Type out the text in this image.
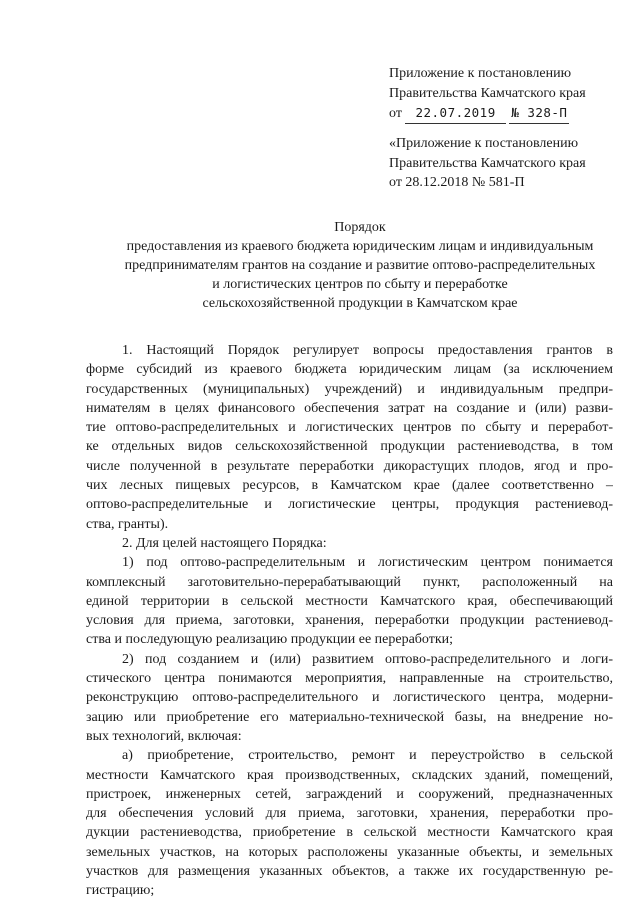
Приложение к постановлению
Правительства Камчатского края
от 22.07.2019 № 328-П
«Приложение к постановлению
Правительства Камчатского края
от 28.12.2018 № 581-П
Порядок
предоставления из краевого бюджета юридическим лицам и индивидуальным
предпринимателям грантов на создание и развитие оптово-распределительных
и логистических центров по сбыту и переработке
сельскохозяйственной продукции в Камчатском крае
1. Настоящий Порядок регулирует вопросы предоставления грантов в
форме субсидий из краевого бюджета юридическим лицам (за исключением
государственных (муниципальных) учреждений) и индивидуальным предпри-
нимателям в целях финансового обеспечения затрат на создание и (или) разви-
тие оптово-распределительных и логистических центров по сбыту и переработ-
ке отдельных видов сельскохозяйственной продукции растениеводства, в том
числе полученной в результате переработки дикорастущих плодов, ягод и про-
чих лесных пищевых ресурсов, в Камчатском крае (далее соответственно –
оптово-распределительные и логистические центры, продукция растениевод-
ства, гранты).
2. Для целей настоящего Порядка:
1) под оптово-распределительным и логистическим центром понимается
комплексный заготовительно-перерабатывающий пункт, расположенный на
единой территории в сельской местности Камчатского края, обеспечивающий
условия для приема, заготовки, хранения, переработки продукции растениевод-
ства и последующую реализацию продукции ее переработки;
2) под созданием и (или) развитием оптово-распределительного и логи-
стического центра понимаются мероприятия, направленные на строительство,
реконструкцию оптово-распределительного и логистического центра, модерни-
зацию или приобретение его материально-технической базы, на внедрение но-
вых технологий, включая:
а) приобретение, строительство, ремонт и переустройство в сельской
местности Камчатского края производственных, складских зданий, помещений,
пристроек, инженерных сетей, заграждений и сооружений, предназначенных
для обеспечения условий для приема, заготовки, хранения, переработки про-
дукции растениеводства, приобретение в сельской местности Камчатского края
земельных участков, на которых расположены указанные объекты, и земельных
участков для размещения указанных объектов, а также их государственную ре-
гистрацию;
